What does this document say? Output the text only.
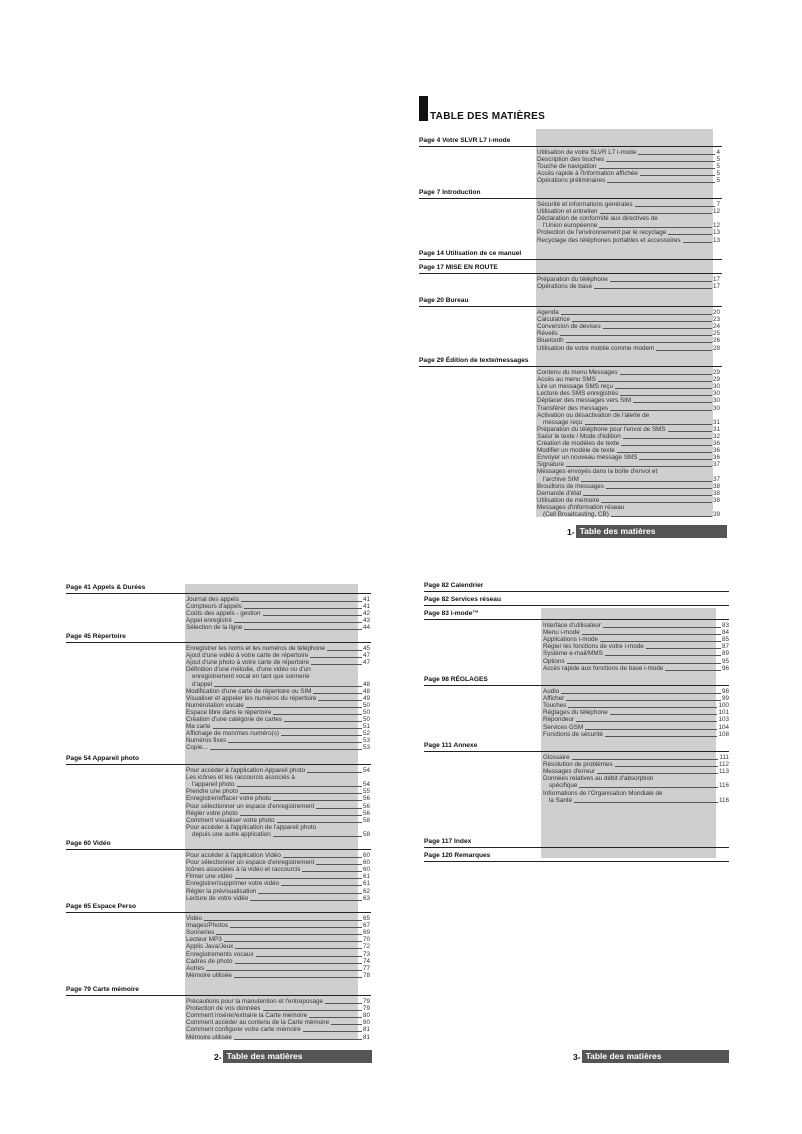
TABLE DES MATIÈRES
Page 4 Votre SLVR L7 i-mode
Utilisation de votre SLVR L7 i-mode	4
Description des touches	5
Touche de navigation	5
Accès rapide à l'information affichée	5
Opérations préliminaires	5
Page 7 Introduction
Sécurité et informations générales	7
Utilisation et entretien	12
Déclaration de conformité aux directives de
l'Union européenne	12
Protection de l'environnement par le recyclage	13
Recyclage des téléphones portables et accessoires	13
Page 14 Utilisation de ce manuel
Page 17 MISE EN ROUTE
Préparation du téléphone	17
Opérations de base	17
Page 20 Bureau
Agenda	20
Calculatrice	23
Conversion de devises	24
Réveils	25
Bluetooth	26
Utilisation de votre mobile comme modem	28
Page 29 Édition de texte/messages
Contenu du menu Messages	29
Accès au menu SMS	29
Lire un message SMS reçu	30
Lecture des SMS enregistrés	30
Déplacer des messages vers SIM	30
Transférer des messages	30
Activation ou désactivation de l'alerte de
message reçu	31
Préparation du téléphone pour l'envoi de SMS	31
Saisir le texte / Mode d'édition	32
Création de modèles de texte	36
Modifier un modèle de texte	36
Envoyer un nouveau message SMS	36
Signature	37
Messages envoyés dans la boîte d'envoi et
l'archive SIM	37
Brouillons de messages	38
Demande d'état	38
Utilisation de mémoire	38
Messages d'information réseau
(Cell Broadcasting, CB)	39
1- Table des matières
Page 41 Appels & Durées
Journal des appels	41
Compteurs d'appels	41
Coûts des appels - gestion	42
Appel enregistré	43
Sélection de la ligne	44
Page 45 Répertoire
Enregistrer les noms et les numéros de téléphone	45
Ajout d'une vidéo à votre carte de répertoire	47
Ajout d'une photo à votre carte de répertoire	47
Définition d'une mélodie, d'une vidéo ou d'un
enregistrement vocal en tant que sonnerie
d'appel	48
Modification d'une carte de répertoire ou SIM	48
Visualiser et appeler les numéros du répertoire	49
Numérotation vocale	50
Espace libre dans le répertoire	50
Création d'une catégorie de cartes	50
Ma carte	51
Affichage de mon/mes numéro(s)	52
Numéros fixes	53
Copie...	53
Page 54 Appareil photo
Pour accéder à l'application Appareil photo	54
Les icônes et les raccourcis associés à
l'appareil photo	54
Prendre une photo	55
Enregistrer/effacer votre photo	56
Pour sélectionner un espace d'enregistrement	56
Régler votre photo	56
Comment visualiser votre photo	58
Pour accéder à l'application de l'appareil photo
depuis une autre application	58
Page 60 Vidéo
Pour accéder à l'application Vidéo	60
Pour sélectionner un espace d'enregistrement	60
Icônes associées à la vidéo et raccourcis	60
Filmer une vidéo	61
Enregistrer/supprimer votre vidéo	61
Régler la prévisualisation	62
Lecture de votre vidéo	63
Page 65 Espace Perso
Vidéo	65
Images/Photos	67
Sonneries	69
Lecteur MP3	70
Applis Java/Jeux	72
Enregistrements vocaux	73
Cadres de photo	74
Autres	77
Mémoire utilisée	78
Page 79 Carte mémoire
Précautions pour la manutention et l'entreposage	79
Protection de vos données	79
Comment insérer/extraire la Carte mémoire	80
Comment accéder au contenu de la Carte mémoire	80
Comment configurer votre carte mémoire	81
Mémoire utilisée	81
2- Table des matières
Page 82 Calendrier
Page 82 Services réseau
Page 83 i-mode™
Interface d'utilisateur	83
Menu i-mode	84
Applications i-mode	85
Régler les fonctions de votre i-mode	87
Système e-mail/MMS	89
Options	95
Accès rapide aux fonctions de base i-mode	96
Page 98 RÉGLAGES
Audio	98
Afficher	99
Touches	100
Réglages du téléphone	101
Répondeur	103
Services GSM	104
Fonctions de sécurité	108
Page 111 Annexe
Glossaire	111
Résolution de problèmes	112
Messages d'erreur	113
Données relatives au débit d'absorption
spécifique	116
Informations de l'Organisation Mondiale de
la Santé	116
Page 117 Index
Page 120 Remarques
3- Table des matières
